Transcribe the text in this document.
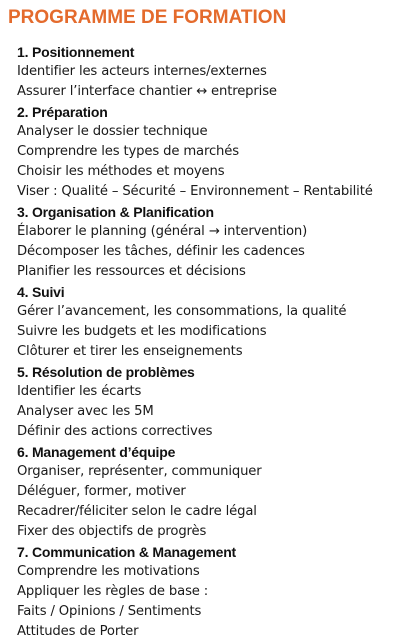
PROGRAMME DE FORMATION
1. Positionnement
Identifier les acteurs internes/externes
Assurer l’interface chantier ↔ entreprise
2. Préparation
Analyser le dossier technique
Comprendre les types de marchés
Choisir les méthodes et moyens
Viser : Qualité – Sécurité – Environnement – Rentabilité
3. Organisation & Planification
Élaborer le planning (général → intervention)
Décomposer les tâches, définir les cadences
Planifier les ressources et décisions
4. Suivi
Gérer l’avancement, les consommations, la qualité
Suivre les budgets et les modifications
Clôturer et tirer les enseignements
5. Résolution de problèmes
Identifier les écarts
Analyser avec les 5M
Définir des actions correctives
6. Management d’équipe
Organiser, représenter, communiquer
Déléguer, former, motiver
Recadrer/féliciter selon le cadre légal
Fixer des objectifs de progrès
7. Communication & Management
Comprendre les motivations
Appliquer les règles de base :
Faits / Opinions / Sentiments
Attitudes de Porter
